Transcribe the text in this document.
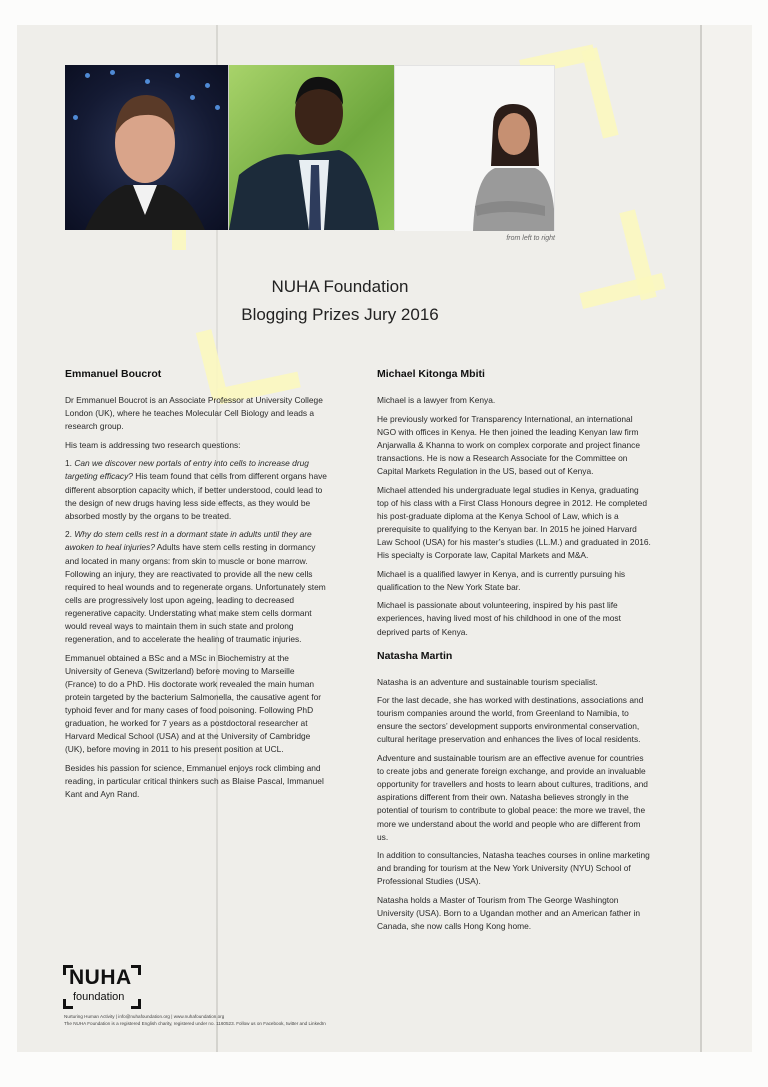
from left to right
NUHA Foundation
Blogging Prizes Jury 2016
Emmanuel Boucrot

Dr Emmanuel Boucrot is an Associate Professor at University College London (UK), where he teaches Molecular Cell Biology and leads a research group.

His team is addressing two research questions:

1. Can we discover new portals of entry into cells to increase drug targeting efficacy? His team found that cells from different organs have different absorption capacity which, if better understood, could lead to the design of new drugs having less side effects, as they would be absorbed mostly by the organs to be treated.

2. Why do stem cells rest in a dormant state in adults until they are awoken to heal injuries? Adults have stem cells resting in dormancy and located in many organs: from skin to muscle or bone marrow. Following an injury, they are reactivated to provide all the new cells required to heal wounds and to regenerate organs. Unfortunately stem cells are progressively lost upon ageing, leading to decreased regenerative capacity. Understating what make stem cells dormant would reveal ways to maintain them in such state and prolong regeneration, and to accelerate the healing of traumatic injuries.

Emmanuel obtained a BSc and a MSc in Biochemistry at the University of Geneva (Switzerland) before moving to Marseille (France) to do a PhD. His doctorate work revealed the main human protein targeted by the bacterium Salmonella, the causative agent for typhoid fever and for many cases of food poisoning. Following PhD graduation, he worked for 7 years as a postdoctoral researcher at Harvard Medical School (USA) and at the University of Cambridge (UK), before moving in 2011 to his present position at UCL.

Besides his passion for science, Emmanuel enjoys rock climbing and reading, in particular critical thinkers such as Blaise Pascal, Immanuel Kant and Ayn Rand.

Michael Kitonga Mbiti

Michael is a lawyer from Kenya.

He previously worked for Transparency International, an international NGO with offices in Kenya. He then joined the leading Kenyan law firm Anjarwalla & Khanna to work on complex corporate and project finance transactions. He is now a Research Associate for the Committee on Capital Markets Regulation in the US, based out of Kenya.

Michael attended his undergraduate legal studies in Kenya, graduating top of his class with a First Class Honours degree in 2012. He completed his post-graduate diploma at the Kenya School of Law, which is a prerequisite to qualifying to the Kenyan bar. In 2015 he joined Harvard Law School (USA) for his master’s studies (LL.M.) and graduated in 2016. His specialty is Corporate law, Capital Markets and M&A.

Michael is a qualified lawyer in Kenya, and is currently pursuing his qualification to the New York State bar.

Michael is passionate about volunteering, inspired by his past life experiences, having lived most of his childhood in one of the most deprived parts of Kenya.

Natasha Martin

Natasha is an adventure and sustainable tourism specialist.

For the last decade, she has worked with destinations, associations and tourism companies around the world, from Greenland to Namibia, to ensure the sectors’ development supports environmental conservation, cultural heritage preservation and enhances the lives of local residents.

Adventure and sustainable tourism are an effective avenue for countries to create jobs and generate foreign exchange, and provide an invaluable opportunity for travellers and hosts to learn about cultures, traditions, and aspirations different from their own. Natasha believes strongly in the potential of tourism to contribute to global peace: the more we travel, the more we understand about the world and people who are different from us.

In addition to consultancies, Natasha teaches courses in online marketing and branding for tourism at the New York University (NYU) School of Professional Studies (USA).

Natasha holds a Master of Tourism from The George Washington University (USA). Born to a Ugandan mother and an American father in Canada, she now calls Hong Kong home.

NUHA
foundation
Nurturing Human Activity | info@nuhafoundation.org | www.nuhafoundation.org
The NUHA Foundation is a registered English charity, registered under no. 1160523. Follow us on Facebook, twitter and LinkedIn
